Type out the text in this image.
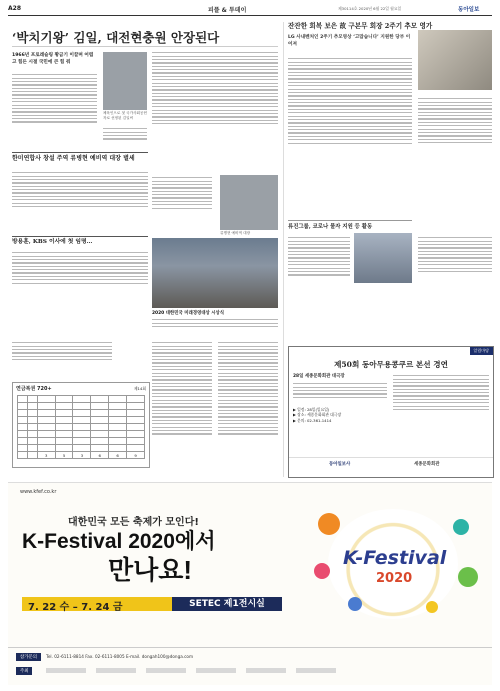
A28	피플 & 투데이	제30114호 2020년 6월 22일 월요일	동아일보
‘박치기왕’ 김일, 대전현충원 안장된다
1966년 프로레슬링 황금기 이끌며 어렵고 힘든 시절 국민에 큰 힘 줘
체육인으로 첫 국가사회공헌자로 선정된 김일씨
한미연합사 창설 주역 류병현 예비역 대장 별세
류병현 예비역 대장
방용훈, KBS 이사에 첫 임명…
2020 대한민국 미래경영대상 시상식
연금복권 720+	제14회

		3	5	3	6	6	9
잔잔한 회복 보은 故 구본무 회장 2주기 추모 영가
LG 사내벤처인 2주기 추모영상 ‘고맙습니다’ 지원한 당부 이어져
류진그룹, 코로나 물자 지원 등 활동
알림마당
제50회 동아무용콩쿠르 본선 경연
28일 세종문화회관 대극장
▶ 일정: 28일(일요일)
▶ 장소: 세종문화회관 대극장
▶ 문의: 02-361-1414
동아일보사	세종문화회관
www.kfef.co.kr
대한민국 모든 축제가 모인다!
K-Festival 2020에서
만나요!
7. 22 수 – 7. 24 금	SETEC 제1전시실
K-Festival
2020
참가문의	Tel. 02-6111-8814 Fax. 02-6111-8005 E-mail. dongah100@donga.com
주최
